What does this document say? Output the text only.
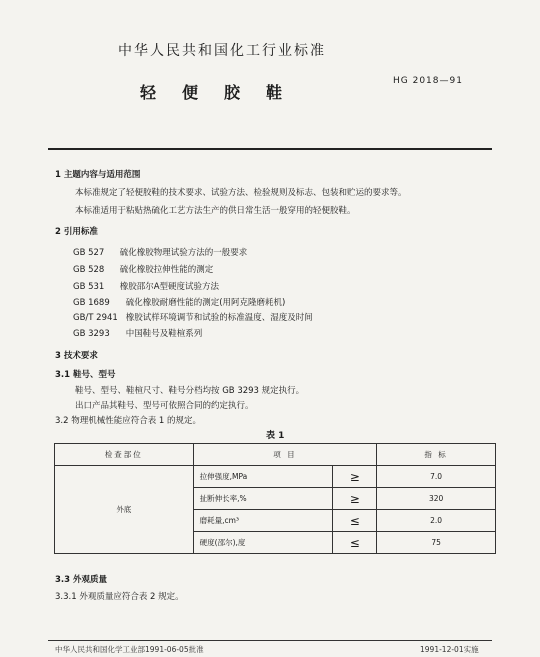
中华人民共和国化工行业标准
轻便胶鞋
HG 2018—91
1 主题内容与适用范围
本标准规定了轻便胶鞋的技术要求、试验方法、检验规则及标志、包装和贮运的要求等。
本标准适用于粘贴热硫化工艺方法生产的供日常生活一般穿用的轻便胶鞋。
2 引用标准
GB 527 硫化橡胶物理试验方法的一般要求
GB 528 硫化橡胶拉伸性能的测定
GB 531 橡胶邵尔A型硬度试验方法
GB 1689 硫化橡胶耐磨性能的测定(用阿克隆磨耗机)
GB/T 2941 橡胶试样环境调节和试验的标准温度、湿度及时间
GB 3293 中国鞋号及鞋楦系列
3 技术要求
3.1 鞋号、型号
鞋号、型号、鞋楦尺寸、鞋号分档均按 GB 3293 规定执行。
出口产品其鞋号、型号可依照合同的约定执行。
3.2 物理机械性能应符合表 1 的规定。
表 1
检查部位	项 目		指 标
外底	拉伸强度,MPa	≥	7.0
	扯断伸长率,%	≥	320
	磨耗量,cm³	≤	2.0
	硬度(邵尔),度	≤	75
3.3 外观质量
3.3.1 外观质量应符合表 2 规定。
中华人民共和国化学工业部1991-06-05批准	1991-12-01实施
